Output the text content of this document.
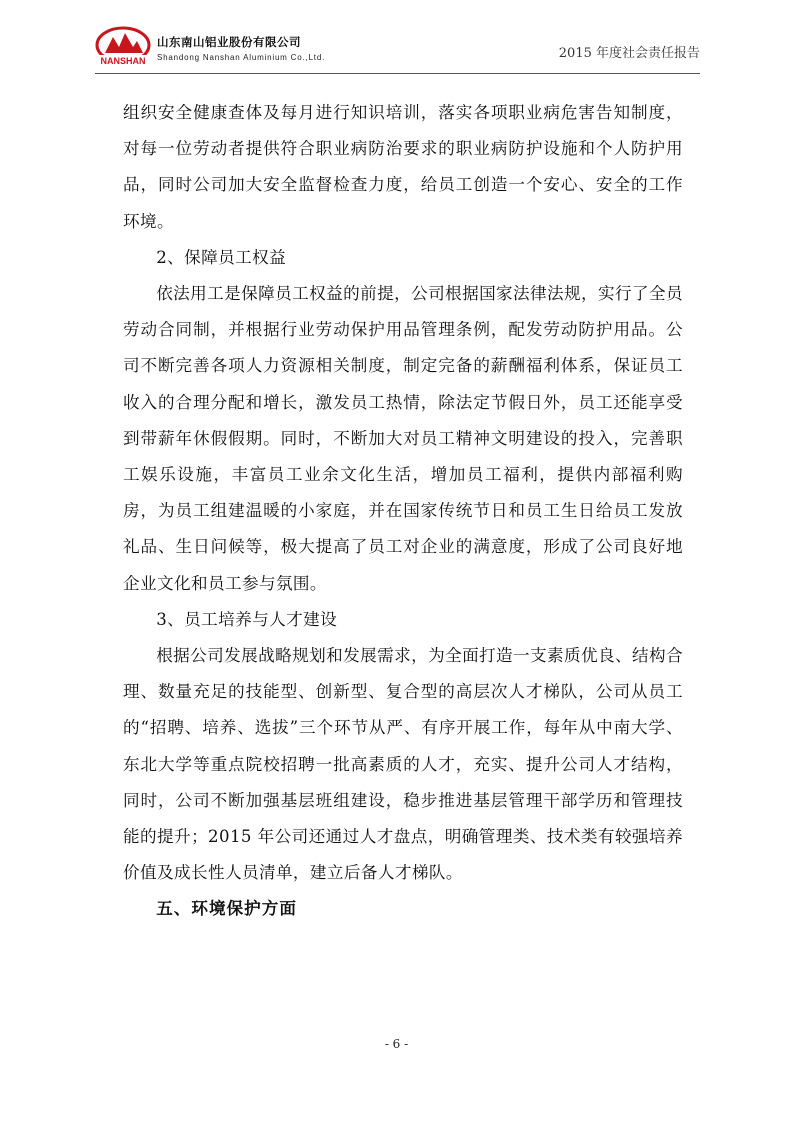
NANSHAN
山东南山铝业股份有限公司
Shandong Nanshan Aluminium Co.,Ltd.	2015 年度社会责任报告

组织安全健康查体及每月进行知识培训，落实各项职业病危害告知制度，对每一位劳动者提供符合职业病防治要求的职业病防护设施和个人防护用品，同时公司加大安全监督检查力度，给员工创造一个安心、安全的工作环境。

2、保障员工权益

依法用工是保障员工权益的前提，公司根据国家法律法规，实行了全员劳动合同制，并根据行业劳动保护用品管理条例，配发劳动防护用品。公司不断完善各项人力资源相关制度，制定完备的薪酬福利体系，保证员工收入的合理分配和增长，激发员工热情，除法定节假日外，员工还能享受到带薪年休假假期。同时，不断加大对员工精神文明建设的投入，完善职工娱乐设施，丰富员工业余文化生活，增加员工福利，提供内部福利购房，为员工组建温暖的小家庭，并在国家传统节日和员工生日给员工发放礼品、生日问候等，极大提高了员工对企业的满意度，形成了公司良好地企业文化和员工参与氛围。

3、员工培养与人才建设

根据公司发展战略规划和发展需求，为全面打造一支素质优良、结构合理、数量充足的技能型、创新型、复合型的高层次人才梯队，公司从员工的“招聘、培养、选拔”三个环节从严、有序开展工作，每年从中南大学、东北大学等重点院校招聘一批高素质的人才，充实、提升公司人才结构，同时，公司不断加强基层班组建设，稳步推进基层管理干部学历和管理技能的提升；2015 年公司还通过人才盘点，明确管理类、技术类有较强培养价值及成长性人员清单，建立后备人才梯队。

五、环境保护方面

- 6 -
